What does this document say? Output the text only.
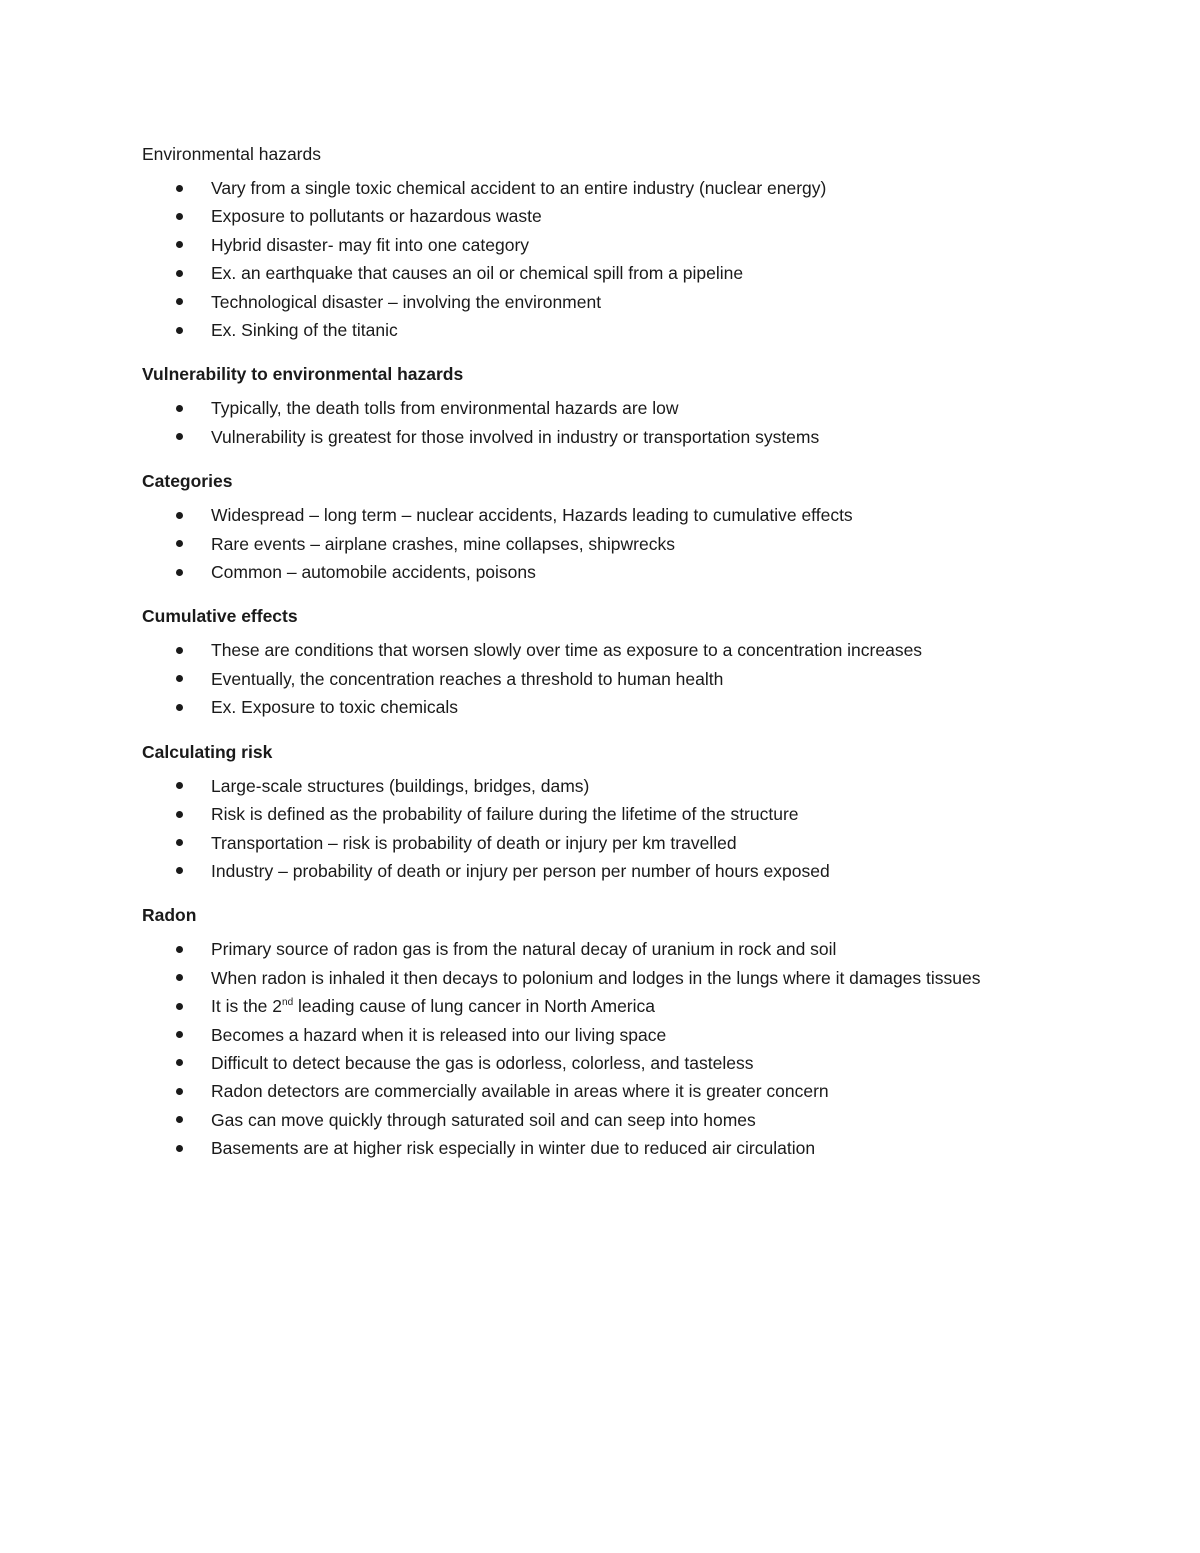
Environmental hazards
Vary from a single toxic chemical accident to an entire industry (nuclear energy)
Exposure to pollutants or hazardous waste
Hybrid disaster- may fit into one category
Ex. an earthquake that causes an oil or chemical spill from a pipeline
Technological disaster – involving the environment
Ex. Sinking of the titanic
Vulnerability to environmental hazards
Typically, the death tolls from environmental hazards are low
Vulnerability is greatest for those involved in industry or transportation systems
Categories
Widespread – long term – nuclear accidents, Hazards leading to cumulative effects
Rare events – airplane crashes, mine collapses, shipwrecks
Common – automobile accidents, poisons
Cumulative effects
These are conditions that worsen slowly over time as exposure to a concentration increases
Eventually, the concentration reaches a threshold to human health
Ex. Exposure to toxic chemicals
Calculating risk
Large-scale structures (buildings, bridges, dams)
Risk is defined as the probability of failure during the lifetime of the structure
Transportation – risk is probability of death or injury per km travelled
Industry – probability of death or injury per person per number of hours exposed
Radon
Primary source of radon gas is from the natural decay of uranium in rock and soil
When radon is inhaled it then decays to polonium and lodges in the lungs where it damages tissues
It is the 2nd leading cause of lung cancer in North America
Becomes a hazard when it is released into our living space
Difficult to detect because the gas is odorless, colorless, and tasteless
Radon detectors are commercially available in areas where it is greater concern
Gas can move quickly through saturated soil and can seep into homes
Basements are at higher risk especially in winter due to reduced air circulation
